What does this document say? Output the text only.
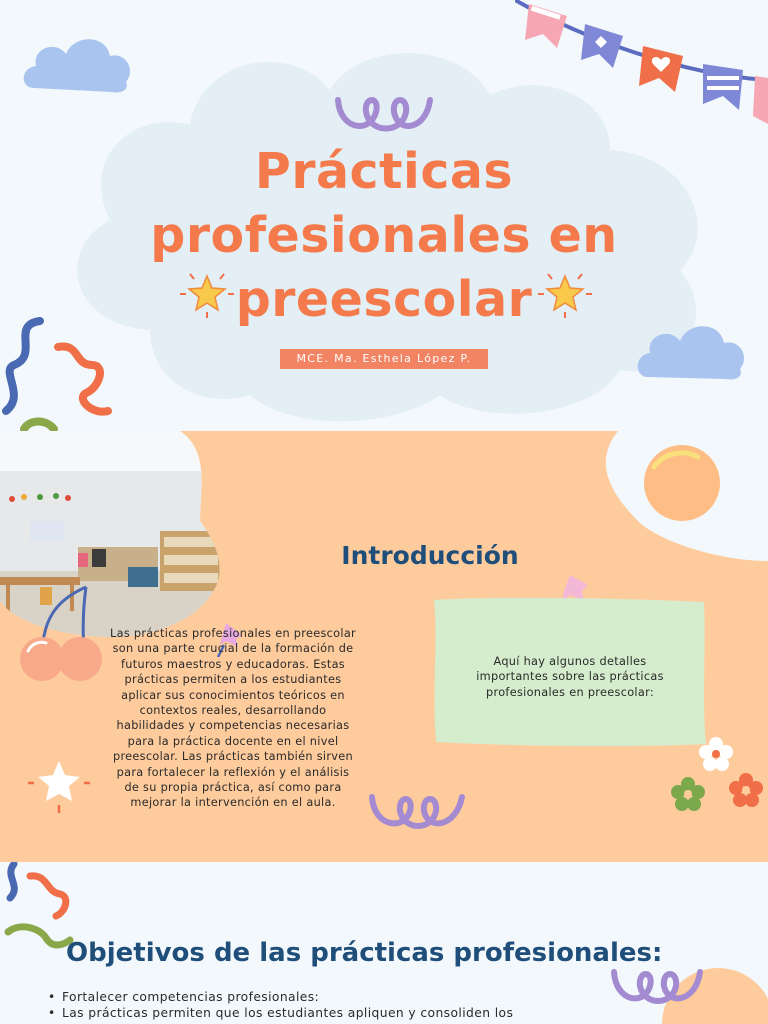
Prácticas
profesionales en
preescolar
MCE. Ma. Esthela López P.
Introducción
Las prácticas profesionales en preescolar son una parte crucial de la formación de futuros maestros y educadoras. Estas prácticas permiten a los estudiantes aplicar sus conocimientos teóricos en contextos reales, desarrollando habilidades y competencias necesarias para la práctica docente en el nivel preescolar. Las prácticas también sirven para fortalecer la reflexión y el análisis de su propia práctica, así como para mejorar la intervención en el aula.
Aquí hay algunos detalles importantes sobre las prácticas profesionales en preescolar:
Objetivos de las prácticas profesionales:
• Fortalecer competencias profesionales:
• Las prácticas permiten que los estudiantes apliquen y consoliden los
